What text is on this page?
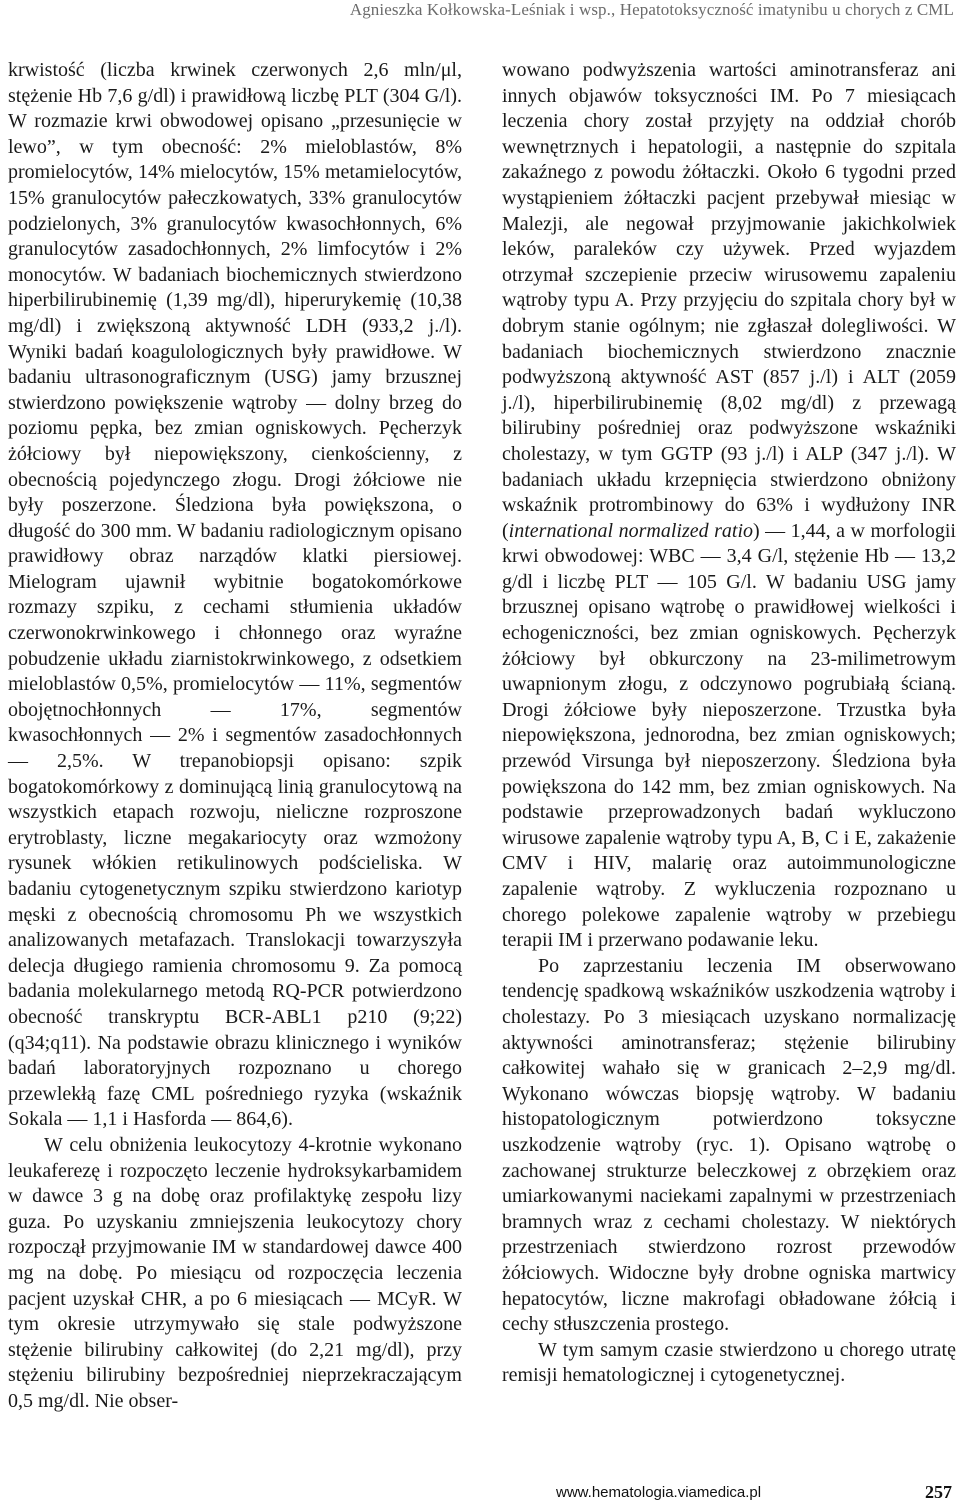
Agnieszka Kołkowska-Leśniak i wsp., Hepatotoksyczność imatynibu u chorych z CML

krwistość (liczba krwinek czerwonych 2,6 mln/μl, stężenie Hb 7,6 g/dl) i prawidłową liczbę PLT (304 G/l). W rozmazie krwi obwodowej opisano „przesunięcie w lewo”, w tym obecność: 2% mieloblastów, 8% promielocytów, 14% mielocytów, 15% metamielocytów, 15% granulocytów pałeczkowatych, 33% granulocytów podzielonych, 3% granulocytów kwasochłonnych, 6% granulocytów zasadochłonnych, 2% limfocytów i 2% monocytów. W badaniach biochemicznych stwierdzono hiperbilirubinemię (1,39 mg/dl), hiperurykemię (10,38 mg/dl) i zwiększoną aktywność LDH (933,2 j./l). Wyniki badań koagulologicznych były prawidłowe. W badaniu ultrasonograficznym (USG) jamy brzusznej stwierdzono powiększenie wątroby — dolny brzeg do poziomu pępka, bez zmian ogniskowych. Pęcherzyk żółciowy był niepowiększony, cienkościenny, z obecnością pojedynczego złogu. Drogi żółciowe nie były poszerzone. Śledziona była powiększona, o długość do 300 mm. W badaniu radiologicznym opisano prawidłowy obraz narządów klatki piersiowej. Mielogram ujawnił wybitnie bogatokomórkowe rozmazy szpiku, z cechami stłumienia układów czerwonokrwinkowego i chłonnego oraz wyraźne pobudzenie układu ziarnistokrwinkowego, z odsetkiem mieloblastów 0,5%, promielocytów — 11%, segmentów obojętnochłonnych — 17%, segmentów kwasochłonnych — 2% i segmentów zasadochłonnych — 2,5%. W trepanobiopsji opisano: szpik bogatokomórkowy z dominującą linią granulocytową na wszystkich etapach rozwoju, nieliczne rozproszone erytroblasty, liczne megakariocyty oraz wzmożony rysunek włókien retikulinowych podścieliska. W badaniu cytogenetycznym szpiku stwierdzono kariotyp męski z obecnością chromosomu Ph we wszystkich analizowanych metafazach. Translokacji towarzyszyła delecja długiego ramienia chromosomu 9. Za pomocą badania molekularnego metodą RQ-PCR potwierdzono obecność transkryptu BCR-ABL1 p210 (9;22)(q34;q11). Na podstawie obrazu klinicznego i wyników badań laboratoryjnych rozpoznano u chorego przewlekłą fazę CML pośredniego ryzyka (wskaźnik Sokala — 1,1 i Hasforda — 864,6).

W celu obniżenia leukocytozy 4-krotnie wykonano leukaferezę i rozpoczęto leczenie hydroksykarbamidem w dawce 3 g na dobę oraz profilaktykę zespołu lizy guza. Po uzyskaniu zmniejszenia leukocytozy chory rozpoczął przyjmowanie IM w standardowej dawce 400 mg na dobę. Po miesiącu od rozpoczęcia leczenia pacjent uzyskał CHR, a po 6 miesiącach — MCyR. W tym okresie utrzymywało się stale podwyższone stężenie bilirubiny całkowitej (do 2,21 mg/dl), przy stężeniu bilirubiny bezpośredniej nieprzekraczającym 0,5 mg/dl. Nie obser-

wowano podwyższenia wartości aminotransferaz ani innych objawów toksyczności IM. Po 7 miesiącach leczenia chory został przyjęty na oddział chorób wewnętrznych i hepatologii, a następnie do szpitala zakaźnego z powodu żółtaczki. Około 6 tygodni przed wystąpieniem żółtaczki pacjent przebywał miesiąc w Malezji, ale negował przyjmowanie jakichkolwiek leków, paraleków czy używek. Przed wyjazdem otrzymał szczepienie przeciw wirusowemu zapaleniu wątroby typu A. Przy przyjęciu do szpitala chory był w dobrym stanie ogólnym; nie zgłaszał dolegliwości. W badaniach biochemicznych stwierdzono znacznie podwyższoną aktywność AST (857 j./l) i ALT (2059 j./l), hiperbilirubinemię (8,02 mg/dl) z przewagą bilirubiny pośredniej oraz podwyższone wskaźniki cholestazy, w tym GGTP (93 j./l) i ALP (347 j./l). W badaniach układu krzepnięcia stwierdzono obniżony wskaźnik protrombinowy do 63% i wydłużony INR (international normalized ratio) — 1,44, a w morfologii krwi obwodowej: WBC — 3,4 G/l, stężenie Hb — 13,2 g/dl i liczbę PLT — 105 G/l. W badaniu USG jamy brzusznej opisano wątrobę o prawidłowej wielkości i echogeniczności, bez zmian ogniskowych. Pęcherzyk żółciowy był obkurczony na 23-milimetrowym uwapnionym złogu, z odczynowo pogrubiałą ścianą. Drogi żółciowe były nieposzerzone. Trzustka była niepowiększona, jednorodna, bez zmian ogniskowych; przewód Virsunga był nieposzerzony. Śledziona była powiększona do 142 mm, bez zmian ogniskowych. Na podstawie przeprowadzonych badań wykluczono wirusowe zapalenie wątroby typu A, B, C i E, zakażenie CMV i HIV, malarię oraz autoimmunologiczne zapalenie wątroby. Z wykluczenia rozpoznano u chorego polekowe zapalenie wątroby w przebiegu terapii IM i przerwano podawanie leku.

Po zaprzestaniu leczenia IM obserwowano tendencję spadkową wskaźników uszkodzenia wątroby i cholestazy. Po 3 miesiącach uzyskano normalizację aktywności aminotransferaz; stężenie bilirubiny całkowitej wahało się w granicach 2–2,9 mg/dl. Wykonano wówczas biopsję wątroby. W badaniu histopatologicznym potwierdzono toksyczne uszkodzenie wątroby (ryc. 1). Opisano wątrobę o zachowanej strukturze beleczkowej z obrzękiem oraz umiarkowanymi naciekami zapalnymi w przestrzeniach bramnych wraz z cechami cholestazy. W niektórych przestrzeniach stwierdzono rozrost przewodów żółciowych. Widoczne były drobne ogniska martwicy hepatocytów, liczne makrofagi obładowane żółcią i cechy stłuszczenia prostego.

W tym samym czasie stwierdzono u chorego utratę remisji hematologicznej i cytogenetycznej.

www.hematologia.viamedica.pl	257
